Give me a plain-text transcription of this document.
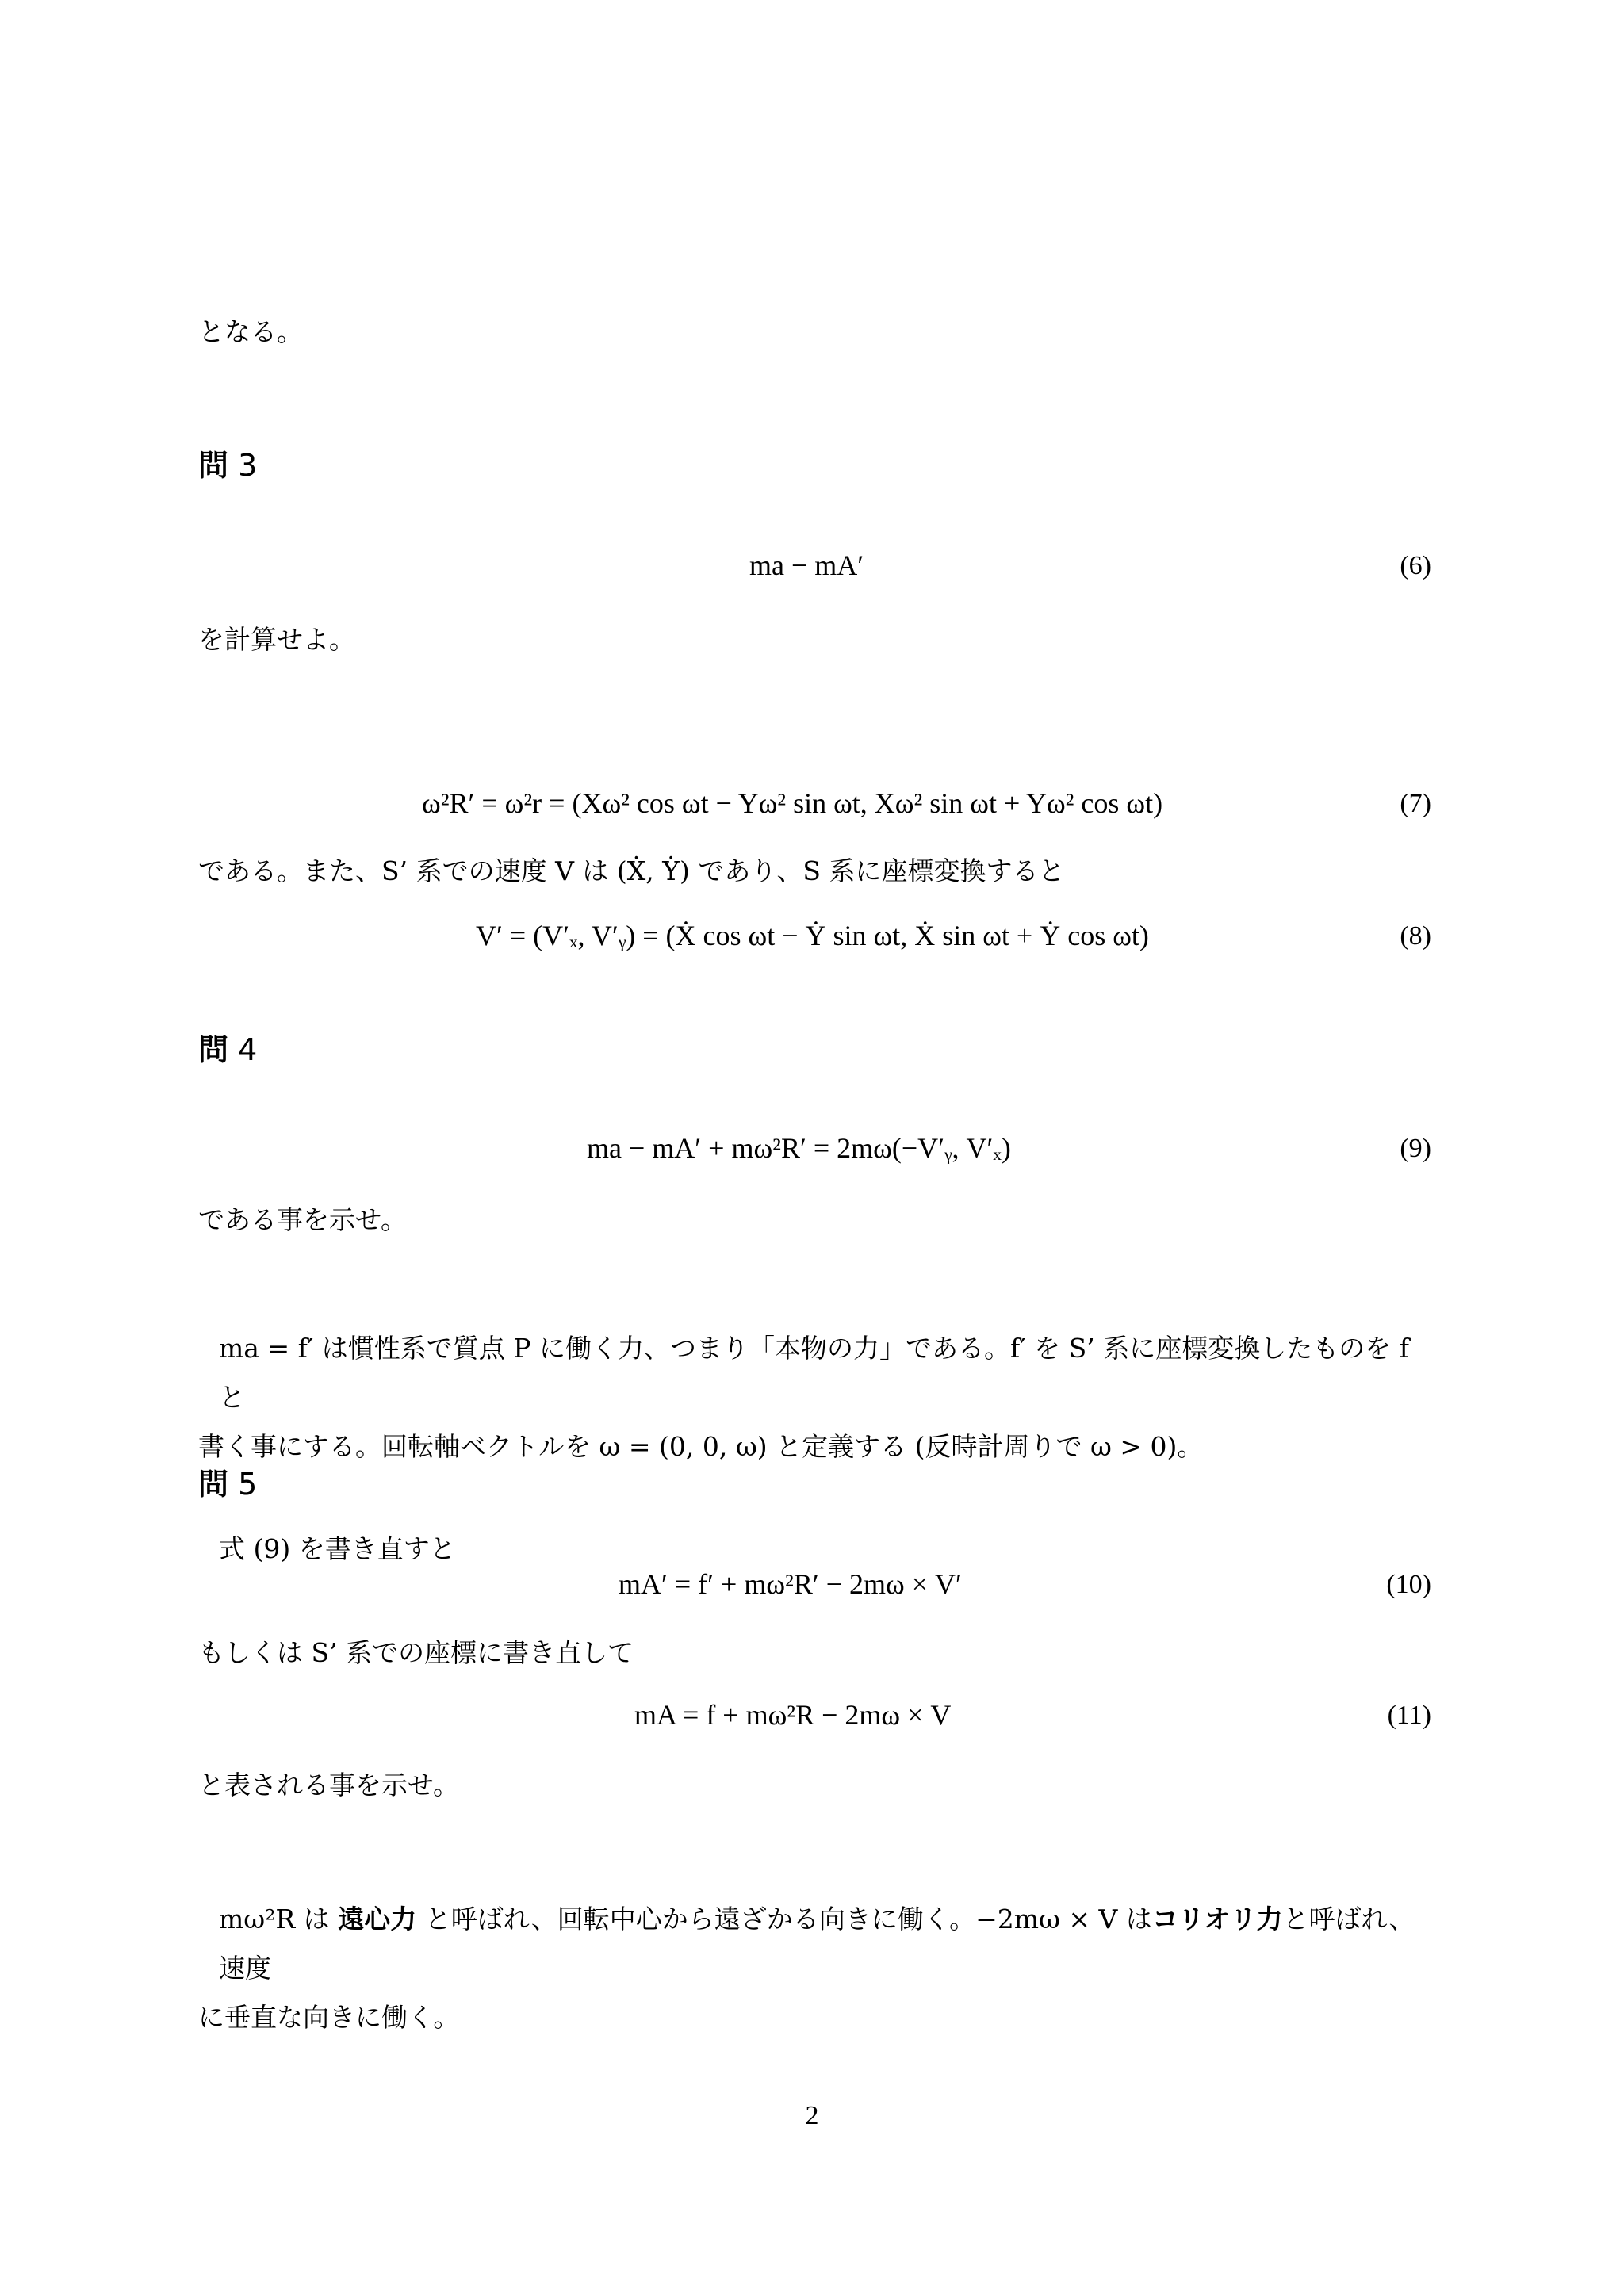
となる。
問 3
ma − mA′	(6)
を計算せよ。
ω²R′ = ω²r = (Xω² cos ωt − Yω² sin ωt, Xω² sin ωt + Yω² cos ωt)	(7)
である。また、S’ 系での速度 V は (Ẋ, Ẏ) であり、S 系に座標変換すると
V′ = (V′ₓ, V′ᵧ) = (Ẋ cos ωt − Ẏ sin ωt, Ẋ sin ωt + Ẏ cos ωt)	(8)
問 4
ma − mA′ + mω²R′ = 2mω(−V′ᵧ, V′ₓ)	(9)
である事を示せ。

ma = f′ は慣性系で質点 P に働く力、つまり「本物の力」である。f′ を S’ 系に座標変換したものを f と

書く事にする。回転軸ベクトルを ω = (0, 0, ω) と定義する (反時計周りで ω > 0)。

問 5
式 (9) を書き直すと
mA′ = f′ + mω²R′ − 2mω × V′	(10)
もしくは S’ 系での座標に書き直して
mA = f + mω²R − 2mω × V	(11)
と表される事を示せ。

mω²R は 遠心力 と呼ばれ、回転中心から遠ざかる向きに働く。−2mω × V はコリオリ力と呼ばれ、速度

に垂直な向きに働く。

2
